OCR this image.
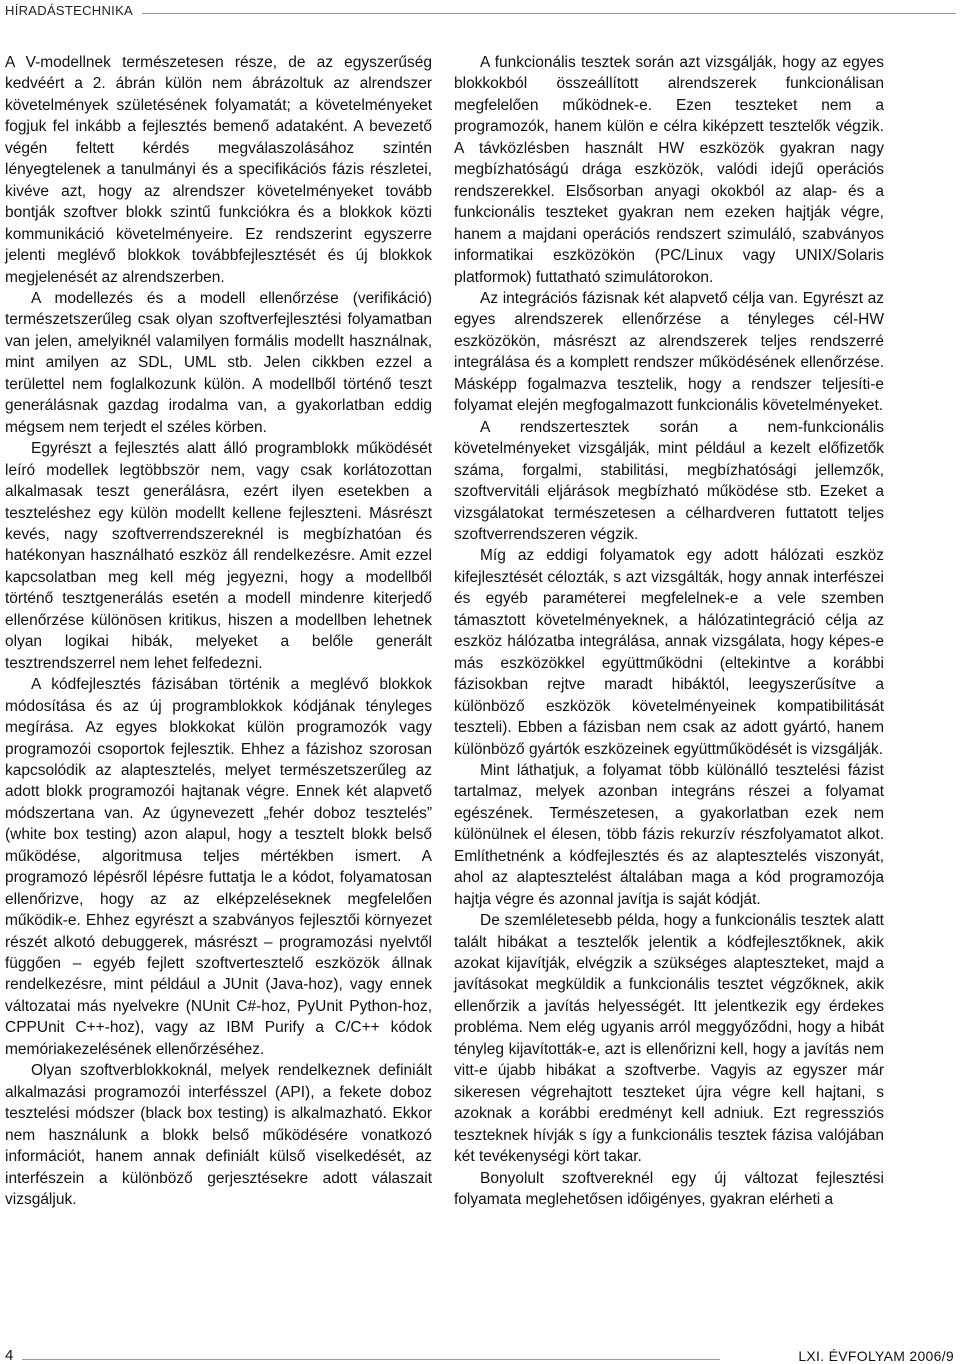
HÍRADÁSTECHNIKA

A V-modellnek természetesen része, de az egyszerűség kedvéért a 2. ábrán külön nem ábrázoltuk az alrendszer követelmények születésének folyamatát; a követelményeket fogjuk fel inkább a fejlesztés bemenő adataként. A bevezető végén feltett kérdés megválaszolásához szintén lényegtelenek a tanulmányi és a specifikációs fázis részletei, kivéve azt, hogy az alrendszer követelményeket tovább bontják szoftver blokk szintű funkciókra és a blokkok közti kommunikáció követelményeire. Ez rendszerint egyszerre jelenti meglévő blokkok továbbfejlesztését és új blokkok megjelenését az alrendszerben.

A modellezés és a modell ellenőrzése (verifikáció) természetszerűleg csak olyan szoftverfejlesztési folyamatban van jelen, amelyiknél valamilyen formális modellt használnak, mint amilyen az SDL, UML stb. Jelen cikkben ezzel a területtel nem foglalkozunk külön. A modellből történő teszt generálásnak gazdag irodalma van, a gyakorlatban eddig mégsem nem terjedt el széles körben.

Egyrészt a fejlesztés alatt álló programblokk működését leíró modellek legtöbbször nem, vagy csak korlátozottan alkalmasak teszt generálásra, ezért ilyen esetekben a teszteléshez egy külön modellt kellene fejleszteni. Másrészt kevés, nagy szoftverrendszereknél is megbízhatóan és hatékonyan használható eszköz áll rendelkezésre. Amit ezzel kapcsolatban meg kell még jegyezni, hogy a modellből történő tesztgenerálás esetén a modell mindenre kiterjedő ellenőrzése különösen kritikus, hiszen a modellben lehetnek olyan logikai hibák, melyeket a belőle generált tesztrendszerrel nem lehet felfedezni.

A kódfejlesztés fázisában történik a meglévő blokkok módosítása és az új programblokkok kódjának tényleges megírása. Az egyes blokkokat külön programozók vagy programozói csoportok fejlesztik. Ehhez a fázishoz szorosan kapcsolódik az alaptesztelés, melyet természetszerűleg az adott blokk programozói hajtanak végre. Ennek két alapvető módszertana van. Az úgynevezett „fehér doboz tesztelés” (white box testing) azon alapul, hogy a tesztelt blokk belső működése, algoritmusa teljes mértékben ismert. A programozó lépésről lépésre futtatja le a kódot, folyamatosan ellenőrizve, hogy az az elképzeléseknek megfelelően működik-e. Ehhez egyrészt a szabványos fejlesztői környezet részét alkotó debuggerek, másrészt – programozási nyelvtől függően – egyéb fejlett szoftvertesztelő eszközök állnak rendelkezésre, mint például a JUnit (Java-hoz), vagy ennek változatai más nyelvekre (NUnit C#-hoz, PyUnit Python-hoz, CPPUnit C++-hoz), vagy az IBM Purify a C/C++ kódok memóriakezelésének ellenőrzéséhez.

Olyan szoftverblokkoknál, melyek rendelkeznek definiált alkalmazási programozói interfésszel (API), a fekete doboz tesztelési módszer (black box testing) is alkalmazható. Ekkor nem használunk a blokk belső működésére vonatkozó információt, hanem annak definiált külső viselkedését, az interfészein a különböző gerjesztésekre adott válaszait vizsgáljuk.

A funkcionális tesztek során azt vizsgálják, hogy az egyes blokkokból összeállított alrendszerek funkcionálisan megfelelően működnek-e. Ezen teszteket nem a programozók, hanem külön e célra kiképzett tesztelők végzik. A távközlésben használt HW eszközök gyakran nagy megbízhatóságú drága eszközök, valódi idejű operációs rendszerekkel. Elsősorban anyagi okokból az alap- és a funkcionális teszteket gyakran nem ezeken hajtják végre, hanem a majdani operációs rendszert szimuláló, szabványos informatikai eszközökön (PC/Linux vagy UNIX/Solaris platformok) futtatható szimulátorokon.

Az integrációs fázisnak két alapvető célja van. Egyrészt az egyes alrendszerek ellenőrzése a tényleges cél-HW eszközökön, másrészt az alrendszerek teljes rendszerré integrálása és a komplett rendszer működésének ellenőrzése. Másképp fogalmazva tesztelik, hogy a rendszer teljesíti-e folyamat elején megfogalmazott funkcionális követelményeket.

A rendszertesztek során a nem-funkcionális követelményeket vizsgálják, mint például a kezelt előfizetők száma, forgalmi, stabilitási, megbízhatósági jellemzők, szoftvervitáli eljárások megbízható működése stb. Ezeket a vizsgálatokat természetesen a célhardveren futtatott teljes szoftverrendszeren végzik.

Míg az eddigi folyamatok egy adott hálózati eszköz kifejlesztését célozták, s azt vizsgálták, hogy annak interfészei és egyéb paraméterei megfelelnek-e a vele szemben támasztott követelményeknek, a hálózatintegráció célja az eszköz hálózatba integrálása, annak vizsgálata, hogy képes-e más eszközökkel együttműködni (eltekintve a korábbi fázisokban rejtve maradt hibáktól, leegyszerűsítve a különböző eszközök követelményeinek kompatibilitását teszteli). Ebben a fázisban nem csak az adott gyártó, hanem különböző gyártók eszközeinek együttműködését is vizsgálják.

Mint láthatjuk, a folyamat több különálló tesztelési fázist tartalmaz, melyek azonban integráns részei a folyamat egészének. Természetesen, a gyakorlatban ezek nem különülnek el élesen, több fázis rekurzív részfolyamatot alkot. Említhetnénk a kódfejlesztés és az alaptesztelés viszonyát, ahol az alaptesztelést általában maga a kód programozója hajtja végre és azonnal javítja is saját kódját.

De szemléletesebb példa, hogy a funkcionális tesztek alatt talált hibákat a tesztelők jelentik a kódfejlesztőknek, akik azokat kijavítják, elvégzik a szükséges alapteszteket, majd a javításokat megküldik a funkcionális tesztet végzőknek, akik ellenőrzik a javítás helyességét. Itt jelentkezik egy érdekes probléma. Nem elég ugyanis arról meggyőződni, hogy a hibát tényleg kijavították-e, azt is ellenőrizni kell, hogy a javítás nem vitt-e újabb hibákat a szoftverbe. Vagyis az egyszer már sikeresen végrehajtott teszteket újra végre kell hajtani, s azoknak a korábbi eredményt kell adniuk. Ezt regressziós teszteknek hívják s így a funkcionális tesztek fázisa valójában két tevékenységi kört takar.

Bonyolult szoftvereknél egy új változat fejlesztési folyamata meglehetősen időigényes, gyakran elérheti a

4	LXI. ÉVFOLYAM 2006/9
